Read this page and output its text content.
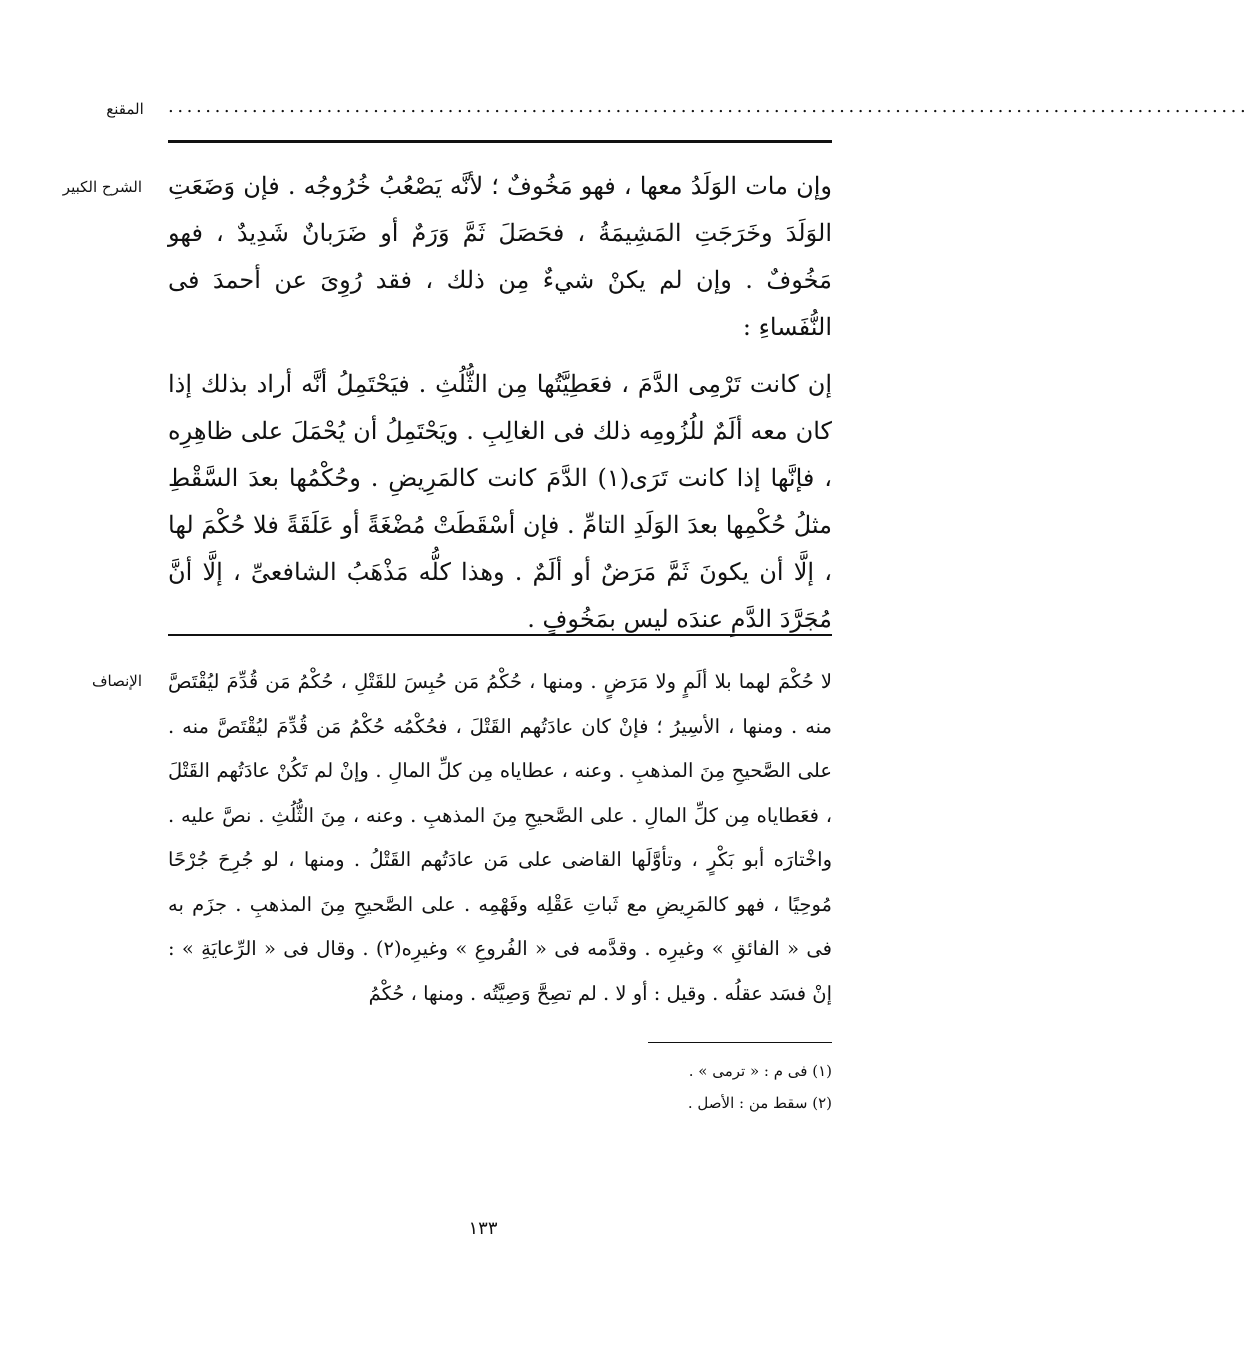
المقنع	....................................................................................................................
الشرح الكبير وإن مات الوَلَدُ معها ، فهو مَخُوفٌ ؛ لأنَّه يَصْعُبُ خُرُوجُه . فإن وَضَعَتِ الوَلَدَ وخَرَجَتِ المَشِيمَةُ ، فحَصَلَ ثَمَّ وَرَمٌ أو ضَرَبانٌ شَدِيدٌ ، فهو مَخُوفٌ . وإن لم يكنْ شيءٌ مِن ذلك ، فقد رُوِىَ عن أحمدَ فى النُّفَساءِ :

إن كانت تَرْمِى الدَّمَ ، فعَطِيَّتُها مِن الثُّلُثِ . فيَحْتَمِلُ أنَّه أراد بذلك إذا كان معه ألَمٌ للُزُومِه ذلك فى الغالِبِ . ويَحْتَمِلُ أن يُحْمَلَ على ظاهِرِه ، فإنَّها إذا كانت تَرَى(١) الدَّمَ كانت كالمَرِيضِ . وحُكْمُها بعدَ السَّقْطِ مثلُ حُكْمِها بعدَ الوَلَدِ التامِّ . فإن أسْقَطَتْ مُضْغَةً أو عَلَقَةً فلا حُكْمَ لها ، إلَّا أن يكونَ ثَمَّ مَرَضٌ أو ألَمٌ . وهذا كلُّه مَذْهَبُ الشافعىِّ ، إلَّا أنَّ مُجَرَّدَ الدَّمِ عندَه ليس بمَخُوفٍ .

الإنصاف لا حُكْمَ لهما بلا ألَمٍ ولا مَرَضٍ . ومنها ، حُكْمُ مَن حُبِسَ للقَتْلِ ، حُكْمُ مَن قُدِّمَ ليُقْتَصَّ منه . ومنها ، الأسِيرُ ؛ فإنْ كان عادَتُهم القَتْلَ ، فحُكْمُه حُكْمُ مَن قُدِّمَ ليُقْتَصَّ منه . على الصَّحيحِ مِنَ المذهبِ . وعنه ، عطاياه مِن كلِّ المالِ . وإنْ لم تَكُنْ عادَتُهم القَتْلَ ، فعَطاياه مِن كلِّ المالِ . على الصَّحيحِ مِنَ المذهبِ . وعنه ، مِنَ الثُّلُثِ . نصَّ عليه . واخْتارَه أبو بَكْرٍ ، وتأوَّلَها القاضى على مَن عادَتُهم القَتْلُ . ومنها ، لو جُرِحَ جُرْحًا مُوحِيًا ، فهو كالمَرِيضِ مع ثَباتِ عَقْلِه وفَهْمِه . على الصَّحيحِ مِنَ المذهبِ . جزَم به فى « الفائقِ » وغيرِه . وقدَّمه فى « الفُروعِ » وغيرِه(٢) . وقال فى « الرِّعايَةِ » : إنْ فسَد عقلُه . وقيل : أو لا . لم تصِحَّ وَصِيَّتُه . ومنها ، حُكْمُ

(١) فى م : « ترمى » .
(٢) سقط من : الأصل .
١٣٣
